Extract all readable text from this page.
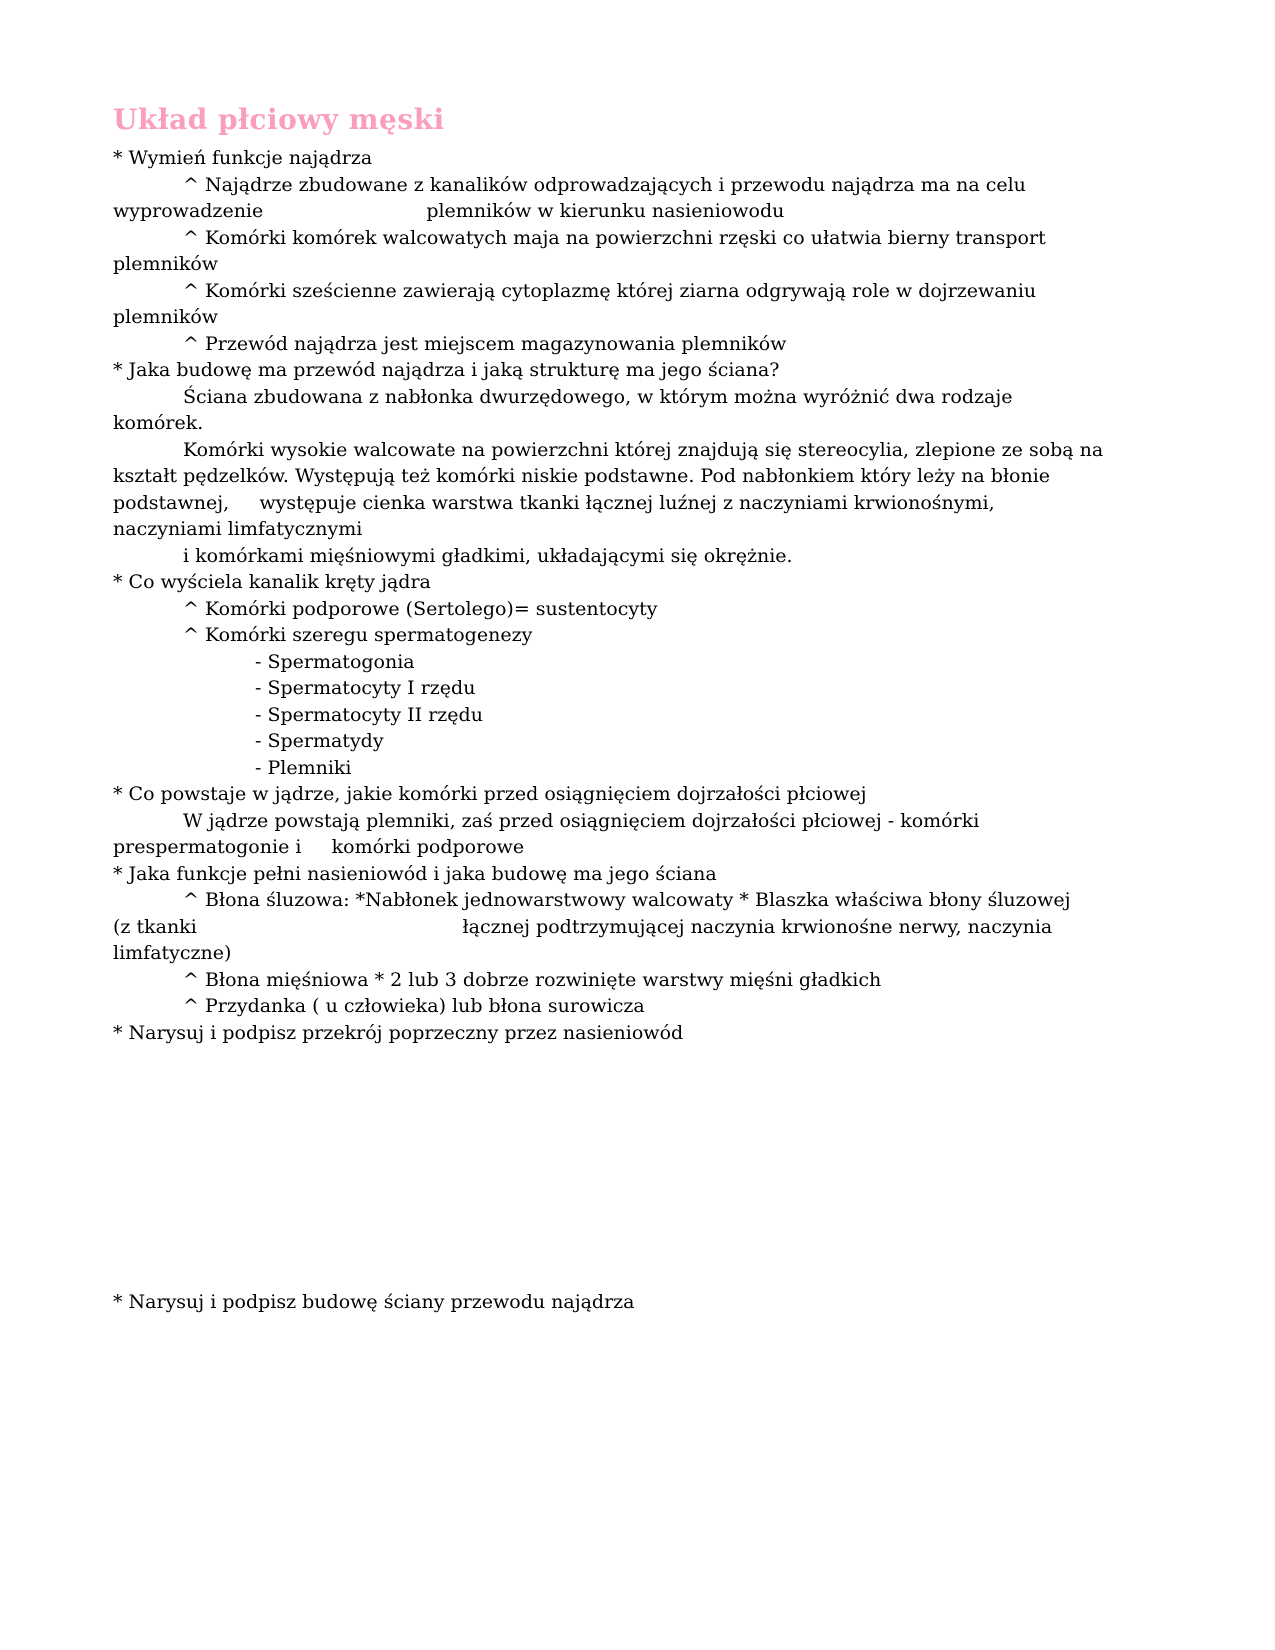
Układ płciowy męski
* Wymień funkcje najądrza
^ Najądrze zbudowane z kanalików odprowadzających i przewodu najądrza ma na celu
wyprowadzenie                           plemników w kierunku nasieniowodu
^ Komórki komórek walcowatych maja na powierzchni rzęski co ułatwia bierny transport
plemników
^ Komórki sześcienne zawierają cytoplazmę której ziarna odgrywają role w dojrzewaniu
plemników
^ Przewód najądrza jest miejscem magazynowania plemników
* Jaka budowę ma przewód najądrza i jaką strukturę ma jego ściana?
Ściana zbudowana z nabłonka dwurzędowego, w którym można wyróżnić dwa rodzaje
komórek.
Komórki wysokie walcowate na powierzchni której znajdują się stereocylia, zlepione ze sobą na
kształt pędzelków. Występują też komórki niskie podstawne. Pod nabłonkiem który leży na błonie
podstawnej,     występuje cienka warstwa tkanki łącznej luźnej z naczyniami krwionośnymi,
naczyniami limfatycznymi
i komórkami mięśniowymi gładkimi, układającymi się okrężnie.
* Co wyściela kanalik kręty jądra
^ Komórki podporowe (Sertolego)= sustentocyty
^ Komórki szeregu spermatogenezy
- Spermatogonia
- Spermatocyty I rzędu
- Spermatocyty II rzędu
- Spermatydy
- Plemniki
* Co powstaje w jądrze, jakie komórki przed osiągnięciem dojrzałości płciowej
W jądrze powstają plemniki, zaś przed osiągnięciem dojrzałości płciowej - komórki
prespermatogonie i     komórki podporowe
* Jaka funkcje pełni nasieniowód i jaka budowę ma jego ściana
^ Błona śluzowa: *Nabłonek jednowarstwowy walcowaty * Blaszka właściwa błony śluzowej
(z tkanki                                            łącznej podtrzymującej naczynia krwionośne nerwy, naczynia
limfatyczne)
^ Błona mięśniowa * 2 lub 3 dobrze rozwinięte warstwy mięśni gładkich
^ Przydanka ( u człowieka) lub błona surowicza
* Narysuj i podpisz przekrój poprzeczny przez nasieniowód
* Narysuj i podpisz budowę ściany przewodu najądrza
